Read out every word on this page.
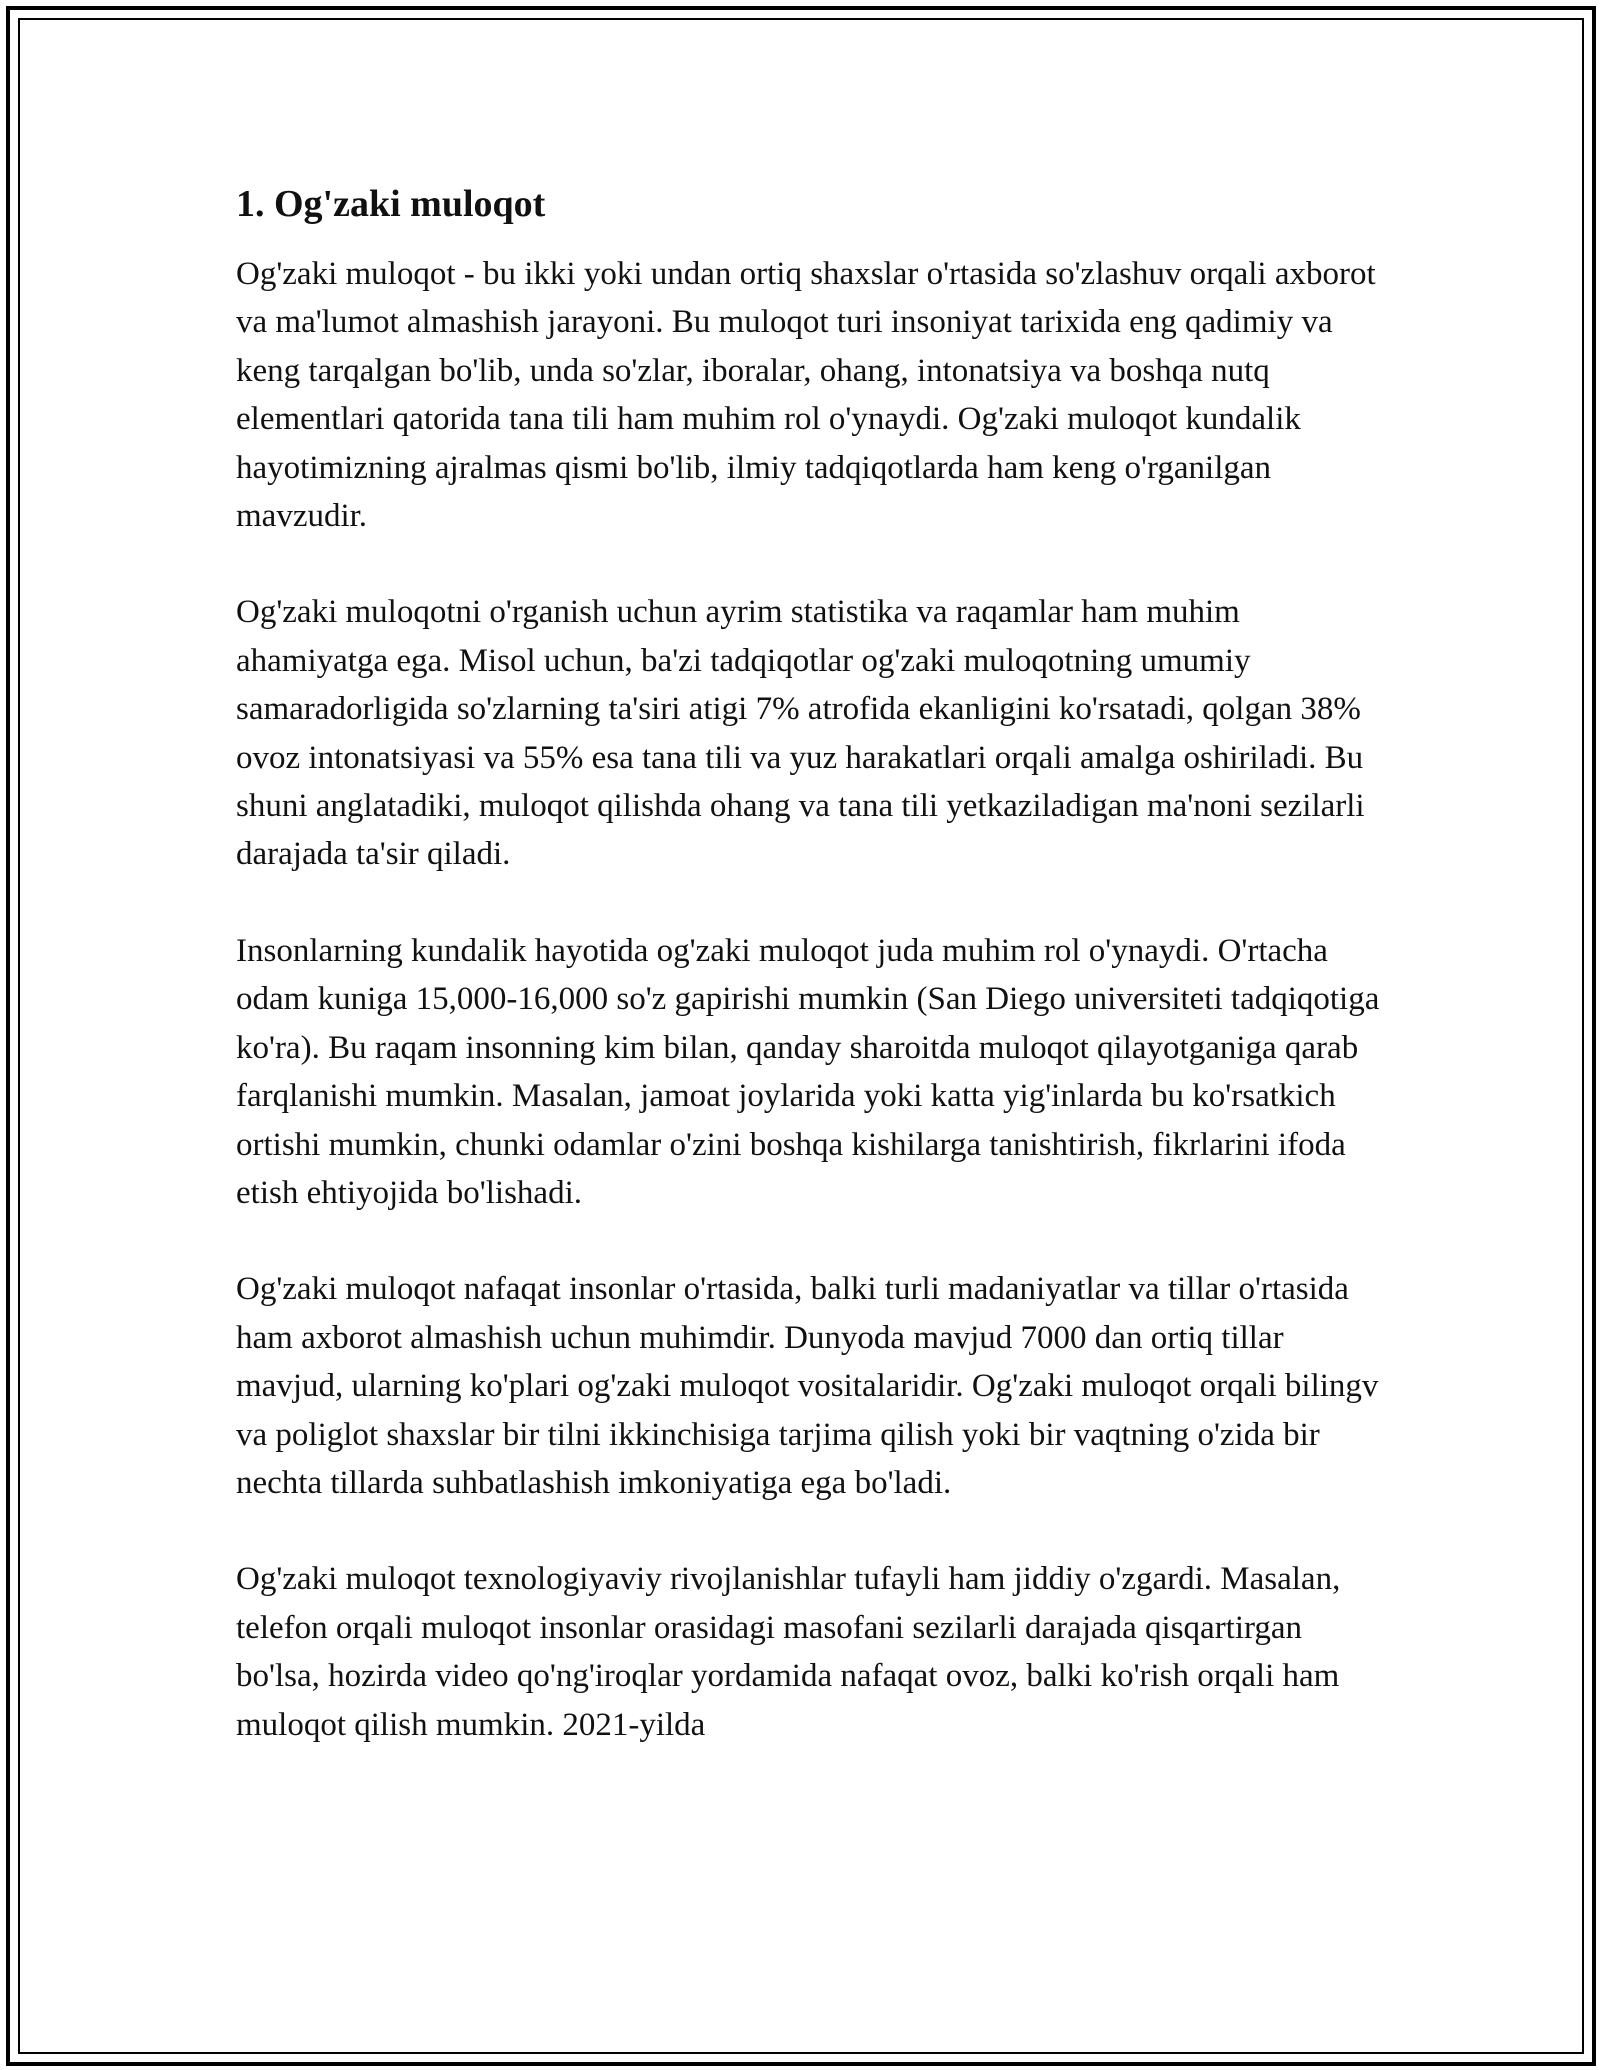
1. Og'zaki muloqot

Og'zaki muloqot - bu ikki yoki undan ortiq shaxslar o'rtasida so'zlashuv orqali axborot va ma'lumot almashish jarayoni. Bu muloqot turi insoniyat tarixida eng qadimiy va keng tarqalgan bo'lib, unda so'zlar, iboralar, ohang, intonatsiya va boshqa nutq elementlari qatorida tana tili ham muhim rol o'ynaydi. Og'zaki muloqot kundalik hayotimizning ajralmas qismi bo'lib, ilmiy tadqiqotlarda ham keng o'rganilgan mavzudir.

Og'zaki muloqotni o'rganish uchun ayrim statistika va raqamlar ham muhim ahamiyatga ega. Misol uchun, ba'zi tadqiqotlar og'zaki muloqotning umumiy samaradorligida so'zlarning ta'siri atigi 7% atrofida ekanligini ko'rsatadi, qolgan 38% ovoz intonatsiyasi va 55% esa tana tili va yuz harakatlari orqali amalga oshiriladi. Bu shuni anglatadiki, muloqot qilishda ohang va tana tili yetkaziladigan ma'noni sezilarli darajada ta'sir qiladi.

Insonlarning kundalik hayotida og'zaki muloqot juda muhim rol o'ynaydi. O'rtacha odam kuniga 15,000-16,000 so'z gapirishi mumkin (San Diego universiteti tadqiqotiga ko'ra). Bu raqam insonning kim bilan, qanday sharoitda muloqot qilayotganiga qarab farqlanishi mumkin. Masalan, jamoat joylarida yoki katta yig'inlarda bu ko'rsatkich ortishi mumkin, chunki odamlar o'zini boshqa kishilarga tanishtirish, fikrlarini ifoda etish ehtiyojida bo'lishadi.

Og'zaki muloqot nafaqat insonlar o'rtasida, balki turli madaniyatlar va tillar o'rtasida ham axborot almashish uchun muhimdir. Dunyoda mavjud 7000 dan ortiq tillar mavjud, ularning ko'plari og'zaki muloqot vositalaridir. Og'zaki muloqot orqali bilingv va poliglot shaxslar bir tilni ikkinchisiga tarjima qilish yoki bir vaqtning o'zida bir nechta tillarda suhbatlashish imkoniyatiga ega bo'ladi.

Og'zaki muloqot texnologiyaviy rivojlanishlar tufayli ham jiddiy o'zgardi. Masalan, telefon orqali muloqot insonlar orasidagi masofani sezilarli darajada qisqartirgan bo'lsa, hozirda video qo'ng'iroqlar yordamida nafaqat ovoz, balki ko'rish orqali ham muloqot qilish mumkin. 2021-yilda
